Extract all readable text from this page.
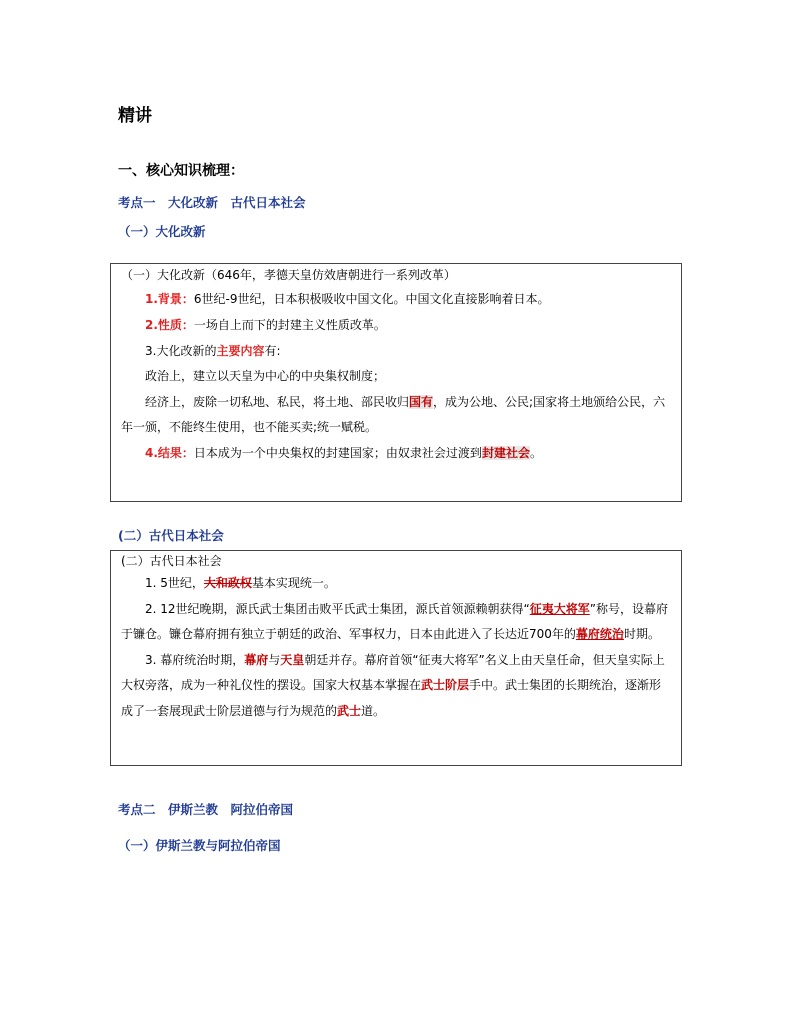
精讲
一、核心知识梳理：
考点一　大化改新　古代日本社会
（一）大化改新

（一）大化改新（646年，孝德天皇仿效唐朝进行一系列改革）

1.背景：6世纪-9世纪，日本积极吸收中国文化。中国文化直接影响着日本。

2.性质：一场自上而下的封建主义性质改革。

3.大化改新的主要内容有:

政治上，建立以天皇为中心的中央集权制度；

经济上，废除一切私地、私民，将土地、部民收归国有，成为公地、公民;国家将土地颁给公民，六年一颁，不能终生使用，也不能买卖;统一赋税。

4.结果：日本成为一个中央集权的封建国家；由奴隶社会过渡到封建社会。

(二）古代日本社会

(二）古代日本社会

1. 5世纪，大和政权基本实现统一。

2. 12世纪晚期，源氏武士集团击败平氏武士集团，源氏首领源赖朝获得“征夷大将军”称号，设幕府于镰仓。镰仓幕府拥有独立于朝廷的政治、军事权力，日本由此进入了长达近700年的幕府统治时期。

3. 幕府统治时期，幕府与天皇朝廷并存。幕府首领“征夷大将军”名义上由天皇任命，但天皇实际上大权旁落，成为一种礼仪性的摆设。国家大权基本掌握在武士阶层手中。武士集团的长期统治，逐渐形成了一套展现武士阶层道德与行为规范的武士道。

考点二　伊斯兰教　阿拉伯帝国
（一）伊斯兰教与阿拉伯帝国
